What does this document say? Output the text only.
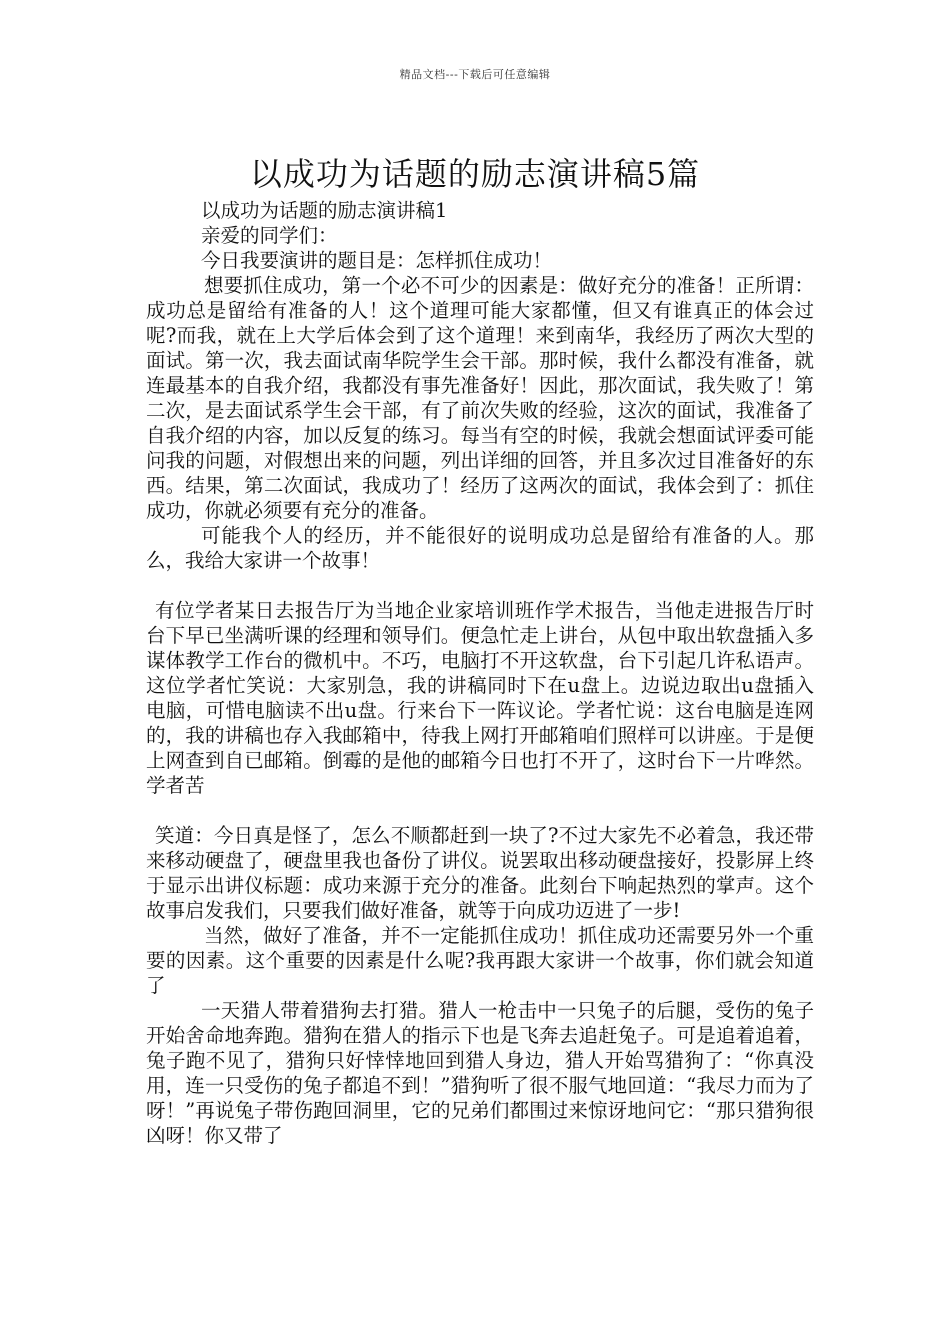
精品文档---下载后可任意编辑
以成功为话题的励志演讲稿5篇

以成功为话题的励志演讲稿1

亲爱的同学们：

今日我要演讲的题目是：怎样抓住成功！

想要抓住成功，第一个必不可少的因素是：做好充分的准备！正所谓：成功总是留给有准备的人！这个道理可能大家都懂，但又有谁真正的体会过呢?而我，就在上大学后体会到了这个道理！来到南华，我经历了两次大型的面试。第一次，我去面试南华院学生会干部。那时候，我什么都没有准备，就连最基本的自我介绍，我都没有事先准备好！因此，那次面试，我失败了！第二次，是去面试系学生会干部，有了前次失败的经验，这次的面试，我准备了自我介绍的内容，加以反复的练习。每当有空的时候，我就会想面试评委可能问我的问题，对假想出来的问题，列出详细的回答，并且多次过目准备好的东西。结果，第二次面试，我成功了！经历了这两次的面试，我体会到了：抓住成功，你就必须要有充分的准备。

可能我个人的经历，并不能很好的说明成功总是留给有准备的人。那么，我给大家讲一个故事！

有位学者某日去报告厅为当地企业家培训班作学术报告，当他走进报告厅时台下早已坐满听课的经理和领导们。便急忙走上讲台，从包中取出软盘插入多谋体教学工作台的微机中。不巧，电脑打不开这软盘，台下引起几许私语声。这位学者忙笑说：大家别急，我的讲稿同时下在u盘上。边说边取出u盘插入电脑，可惜电脑读不出u盘。行来台下一阵议论。学者忙说：这台电脑是连网的，我的讲稿也存入我邮箱中，待我上网打开邮箱咱们照样可以讲座。于是便上网查到自已邮箱。倒霉的是他的邮箱今日也打不开了，这时台下一片哗然。学者苦

笑道：今日真是怪了，怎么不顺都赶到一块了?不过大家先不必着急，我还带来移动硬盘了，硬盘里我也备份了讲仪。说罢取出移动硬盘接好，投影屏上终于显示出讲仪标题：成功来源于充分的准备。此刻台下响起热烈的掌声。这个故事启发我们，只要我们做好准备，就等于向成功迈进了一步!

当然，做好了准备，并不一定能抓住成功！抓住成功还需要另外一个重要的因素。这个重要的因素是什么呢?我再跟大家讲一个故事，你们就会知道了

一天猎人带着猎狗去打猎。猎人一枪击中一只兔子的后腿，受伤的兔子开始舍命地奔跑。猎狗在猎人的指示下也是飞奔去追赶兔子。可是追着追着，兔子跑不见了，猎狗只好悻悻地回到猎人身边，猎人开始骂猎狗了：“你真没用，连一只受伤的兔子都追不到！”猎狗听了很不服气地回道：“我尽力而为了呀！”再说兔子带伤跑回洞里，它的兄弟们都围过来惊讶地问它：“那只猎狗很凶呀！你又带了
